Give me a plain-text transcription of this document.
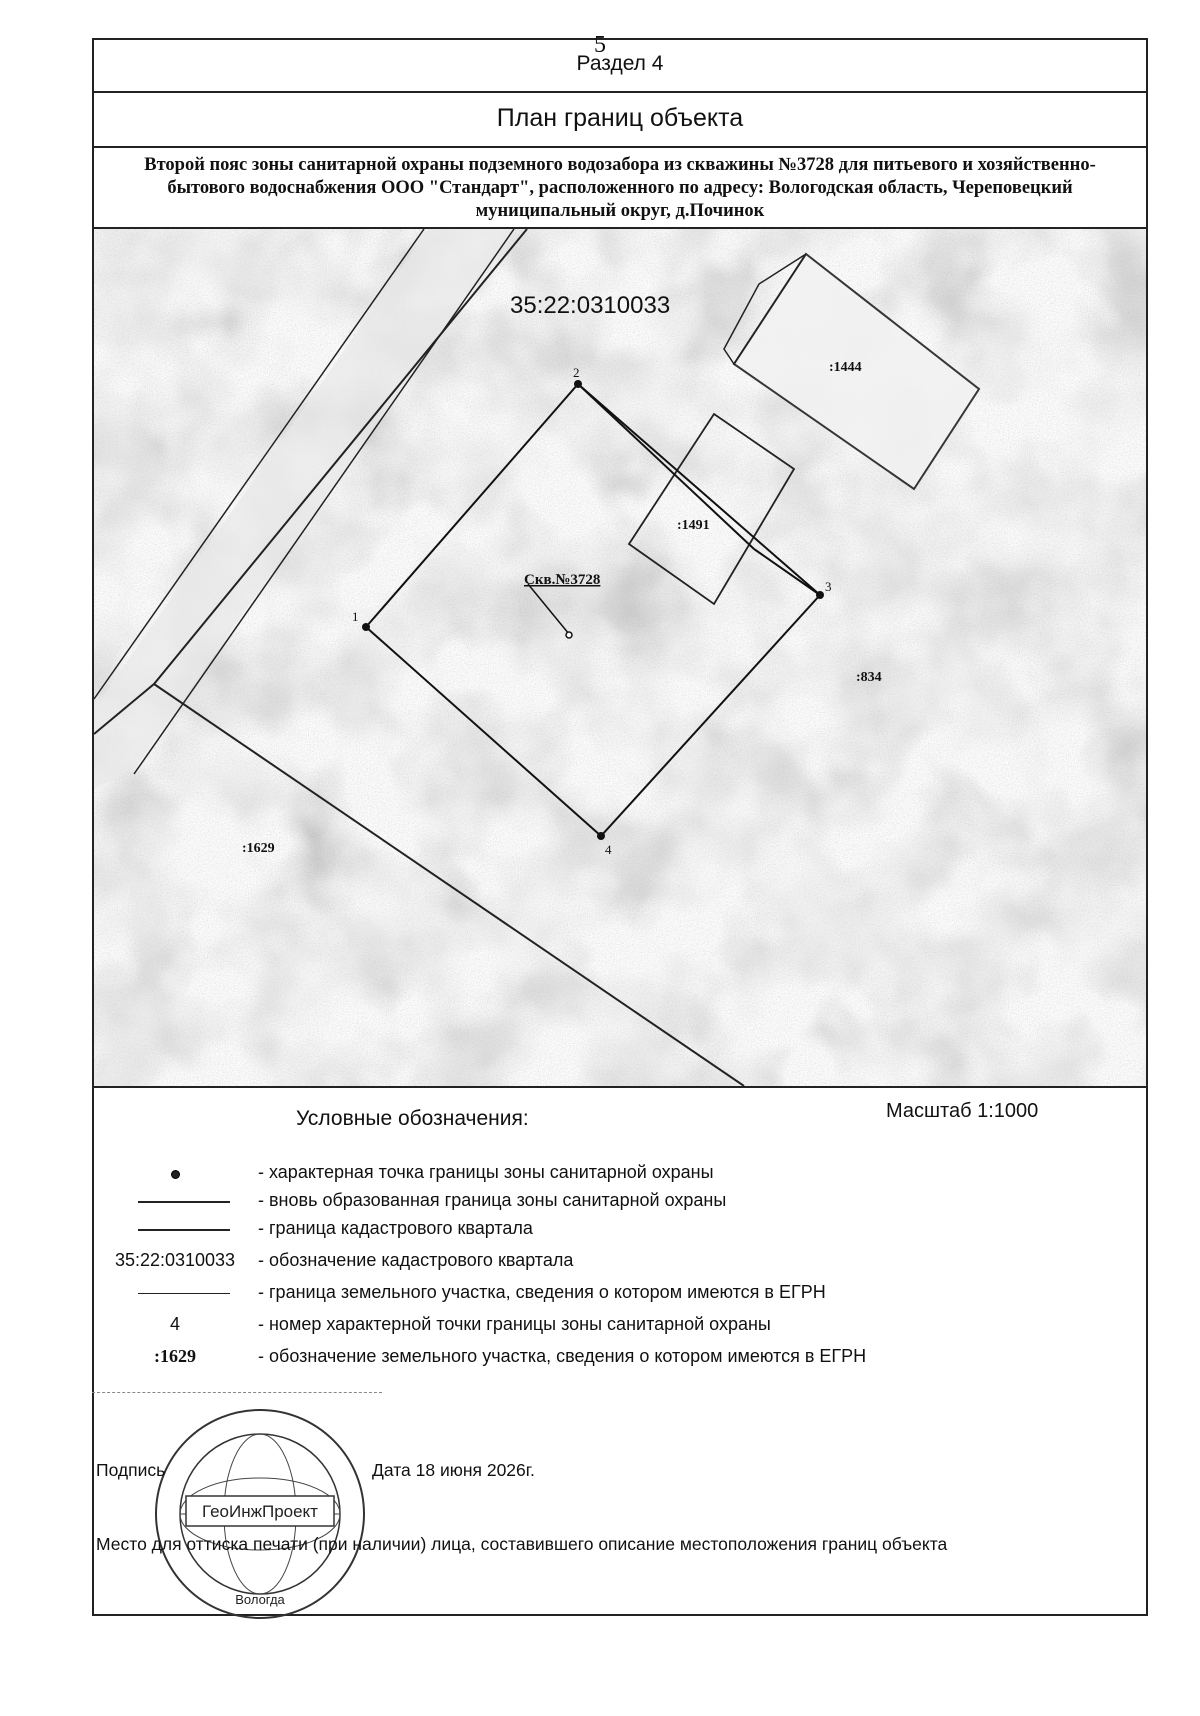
5
Раздел 4
План границ объекта
Второй пояс зоны санитарной охраны подземного водозабора из скважины №3728 для питьевого и хозяйственно-бытового водоснабжения ООО "Стандарт", расположенного по адресу: Вологодская область, Череповецкий муниципальный округ, д.Починок
35:22:0310033
:1444
:1491
:834
:1629
Скв.№3728
1
2
3
4
Условные обозначения:	Масштаб 1:1000
- характерная точка границы зоны санитарной охраны
- вновь образованная граница зоны санитарной охраны
- граница кадастрового квартала
35:22:0310033	- обозначение кадастрового квартала
- граница земельного участка, сведения о котором имеются в ЕГРН
4	- номер характерной точки границы зоны санитарной охраны
:1629	- обозначение земельного участка, сведения о котором имеются в ЕГРН
ГеоИнжПроект
Вологда
Подпись	Дата 18 июня 2026г.
Место для оттиска печати (при наличии) лица, составившего описание местоположения границ объекта
